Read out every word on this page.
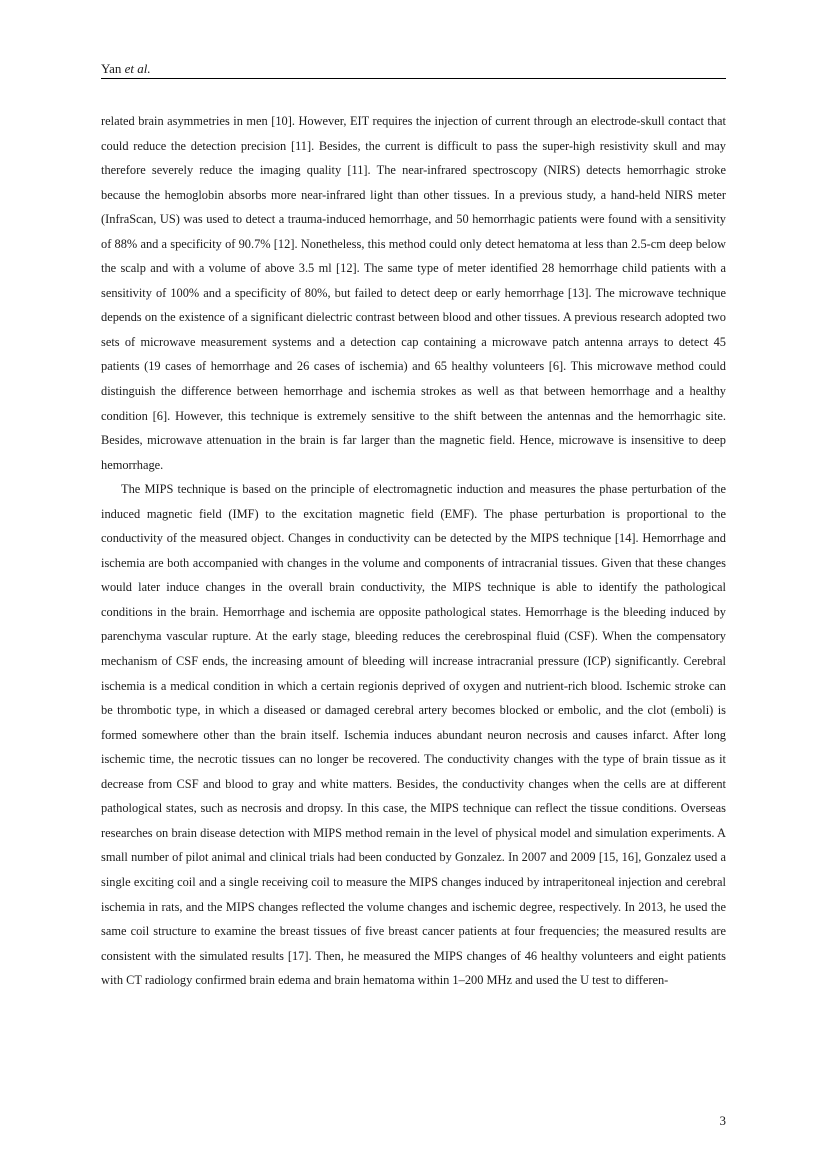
Yan et al.

related brain asymmetries in men [10]. However, EIT requires the injection of current through an electrode-skull contact that could reduce the detection precision [11]. Besides, the current is difficult to pass the super-high resistivity skull and may therefore severely reduce the imaging quality [11]. The near-infrared spectroscopy (NIRS) detects hemorrhagic stroke because the hemoglobin absorbs more near-infrared light than other tissues. In a previous study, a hand-held NIRS meter (InfraScan, US) was used to detect a trauma-induced hemorrhage, and 50 hemorrhagic patients were found with a sensitivity of 88% and a specificity of 90.7% [12]. Nonetheless, this method could only detect hematoma at less than 2.5-cm deep below the scalp and with a volume of above 3.5 ml [12]. The same type of meter identified 28 hemorrhage child patients with a sensitivity of 100% and a specificity of 80%, but failed to detect deep or early hemorrhage [13]. The microwave technique depends on the existence of a significant dielectric contrast between blood and other tissues. A previous research adopted two sets of microwave measurement systems and a detection cap containing a microwave patch antenna arrays to detect 45 patients (19 cases of hemorrhage and 26 cases of ischemia) and 65 healthy volunteers [6]. This microwave method could distinguish the difference between hemorrhage and ischemia strokes as well as that between hemorrhage and a healthy condition [6]. However, this technique is extremely sensitive to the shift between the antennas and the hemorrhagic site. Besides, microwave attenuation in the brain is far larger than the magnetic field. Hence, microwave is insensitive to deep hemorrhage.

The MIPS technique is based on the principle of electromagnetic induction and measures the phase perturbation of the induced magnetic field (IMF) to the excitation magnetic field (EMF). The phase perturbation is proportional to the conductivity of the measured object. Changes in conductivity can be detected by the MIPS technique [14]. Hemorrhage and ischemia are both accompanied with changes in the volume and components of intracranial tissues. Given that these changes would later induce changes in the overall brain conductivity, the MIPS technique is able to identify the pathological conditions in the brain. Hemorrhage and ischemia are opposite pathological states. Hemorrhage is the bleeding induced by parenchyma vascular rupture. At the early stage, bleeding reduces the cerebrospinal fluid (CSF). When the compensatory mechanism of CSF ends, the increasing amount of bleeding will increase intracranial pressure (ICP) significantly. Cerebral ischemia is a medical condition in which a certain regionis deprived of oxygen and nutrient-rich blood. Ischemic stroke can be thrombotic type, in which a diseased or damaged cerebral artery becomes blocked or embolic, and the clot (emboli) is formed somewhere other than the brain itself. Ischemia induces abundant neuron necrosis and causes infarct. After long ischemic time, the necrotic tissues can no longer be recovered. The conductivity changes with the type of brain tissue as it decrease from CSF and blood to gray and white matters. Besides, the conductivity changes when the cells are at different pathological states, such as necrosis and dropsy. In this case, the MIPS technique can reflect the tissue conditions. Overseas researches on brain disease detection with MIPS method remain in the level of physical model and simulation experiments. A small number of pilot animal and clinical trials had been conducted by Gonzalez. In 2007 and 2009 [15, 16], Gonzalez used a single exciting coil and a single receiving coil to measure the MIPS changes induced by intraperitoneal injection and cerebral ischemia in rats, and the MIPS changes reflected the volume changes and ischemic degree, respectively. In 2013, he used the same coil structure to examine the breast tissues of five breast cancer patients at four frequencies; the measured results are consistent with the simulated results [17]. Then, he measured the MIPS changes of 46 healthy volunteers and eight patients with CT radiology confirmed brain edema and brain hematoma within 1–200 MHz and used the U test to differen-

3
